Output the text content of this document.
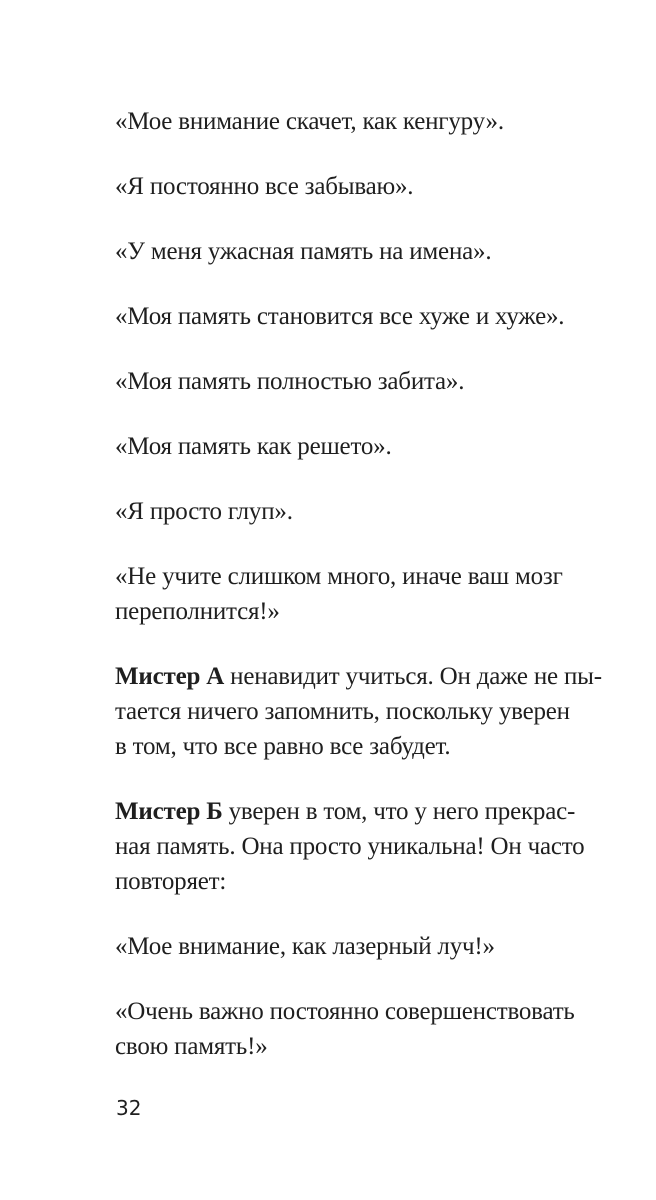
«Мое внимание скачет, как кенгуру».

«Я постоянно все забываю».

«У меня ужасная память на имена».

«Моя память становится все хуже и хуже».

«Моя память полностью забита».

«Моя память как решето».

«Я просто глуп».

«Не учите слишком много, иначе ваш мозг
переполнится!»

Мистер А ненавидит учиться. Он даже не пы-
тается ничего запомнить, поскольку уверен
в том, что все равно все забудет.

Мистер Б уверен в том, что у него прекрас-
ная память. Она просто уникальна! Он часто
повторяет:

«Мое внимание, как лазерный луч!»

«Очень важно постоянно совершенствовать
свою память!»

32
